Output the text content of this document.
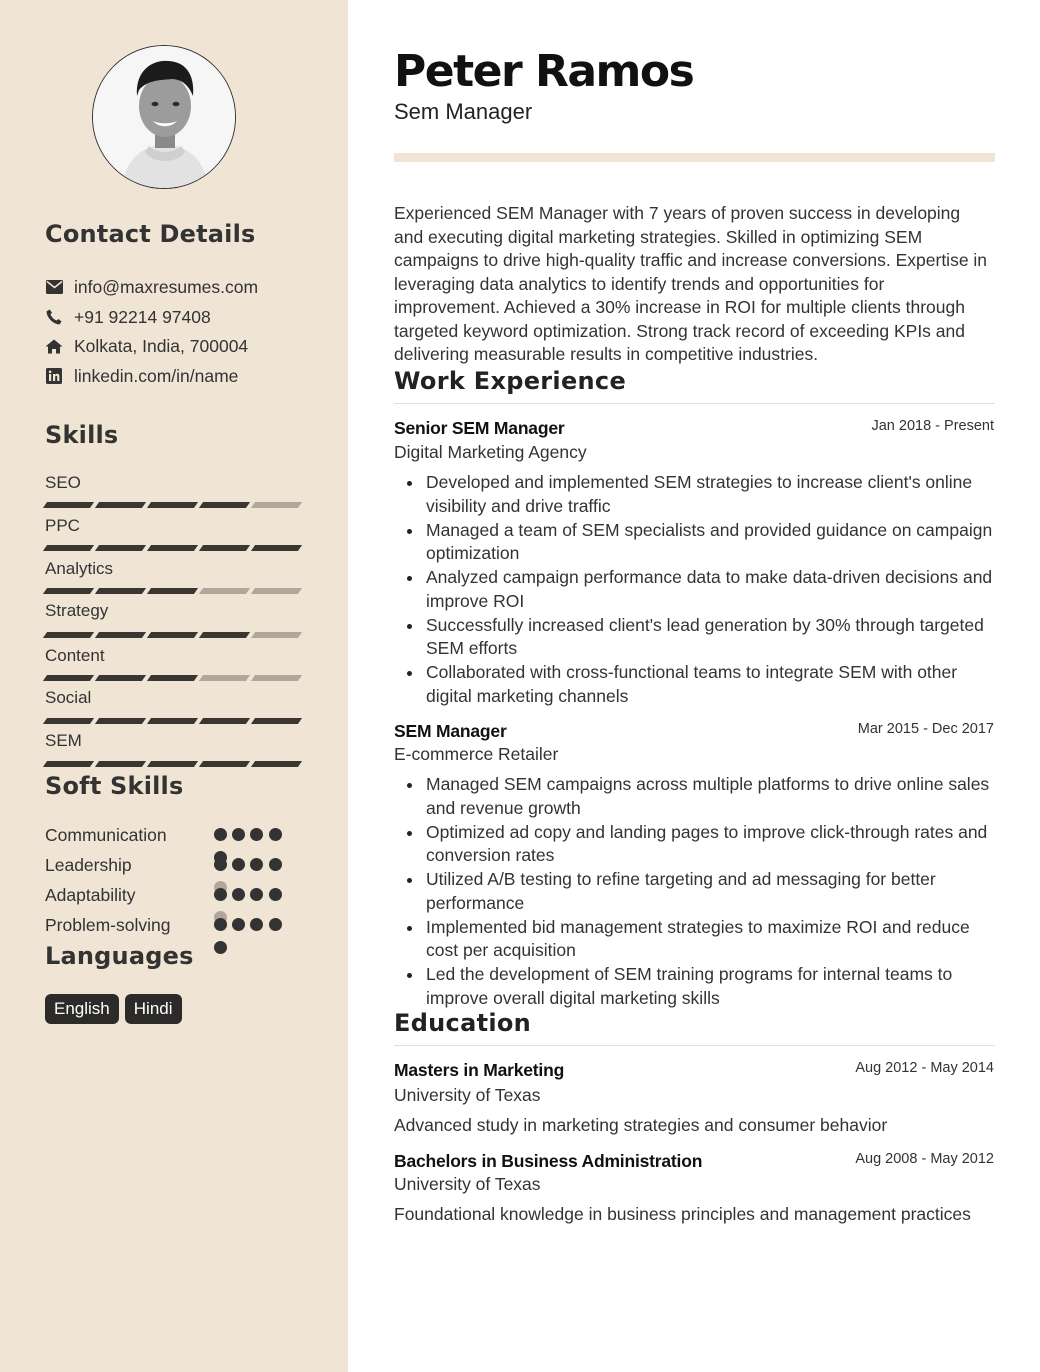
Contact Details
info@maxresumes.com
+91 92214 97408
Kolkata, India, 700004
linkedin.com/in/name
Skills
SEO
PPC
Analytics
Strategy
Content
Social
SEM
Soft Skills
Communication
Leadership
Adaptability
Problem-solving
Languages
English	Hindi
Peter Ramos
Sem Manager

Experienced SEM Manager with 7 years of proven success in developing and executing digital marketing strategies. Skilled in optimizing SEM campaigns to drive high-quality traffic and increase conversions. Expertise in leveraging data analytics to identify trends and opportunities for improvement. Achieved a 30% increase in ROI for multiple clients through targeted keyword optimization. Strong track record of exceeding KPIs and delivering measurable results in competitive industries.

Work Experience
Senior SEM Manager	Jan 2018 - Present
Digital Marketing Agency
Developed and implemented SEM strategies to increase client's online visibility and drive traffic
Managed a team of SEM specialists and provided guidance on campaign optimization
Analyzed campaign performance data to make data-driven decisions and improve ROI
Successfully increased client's lead generation by 30% through targeted SEM efforts
Collaborated with cross-functional teams to integrate SEM with other digital marketing channels
SEM Manager	Mar 2015 - Dec 2017
E-commerce Retailer
Managed SEM campaigns across multiple platforms to drive online sales and revenue growth
Optimized ad copy and landing pages to improve click-through rates and conversion rates
Utilized A/B testing to refine targeting and ad messaging for better performance
Implemented bid management strategies to maximize ROI and reduce cost per acquisition
Led the development of SEM training programs for internal teams to improve overall digital marketing skills
Education
Masters in Marketing	Aug 2012 - May 2014
University of Texas
Advanced study in marketing strategies and consumer behavior
Bachelors in Business Administration	Aug 2008 - May 2012
University of Texas
Foundational knowledge in business principles and management practices
